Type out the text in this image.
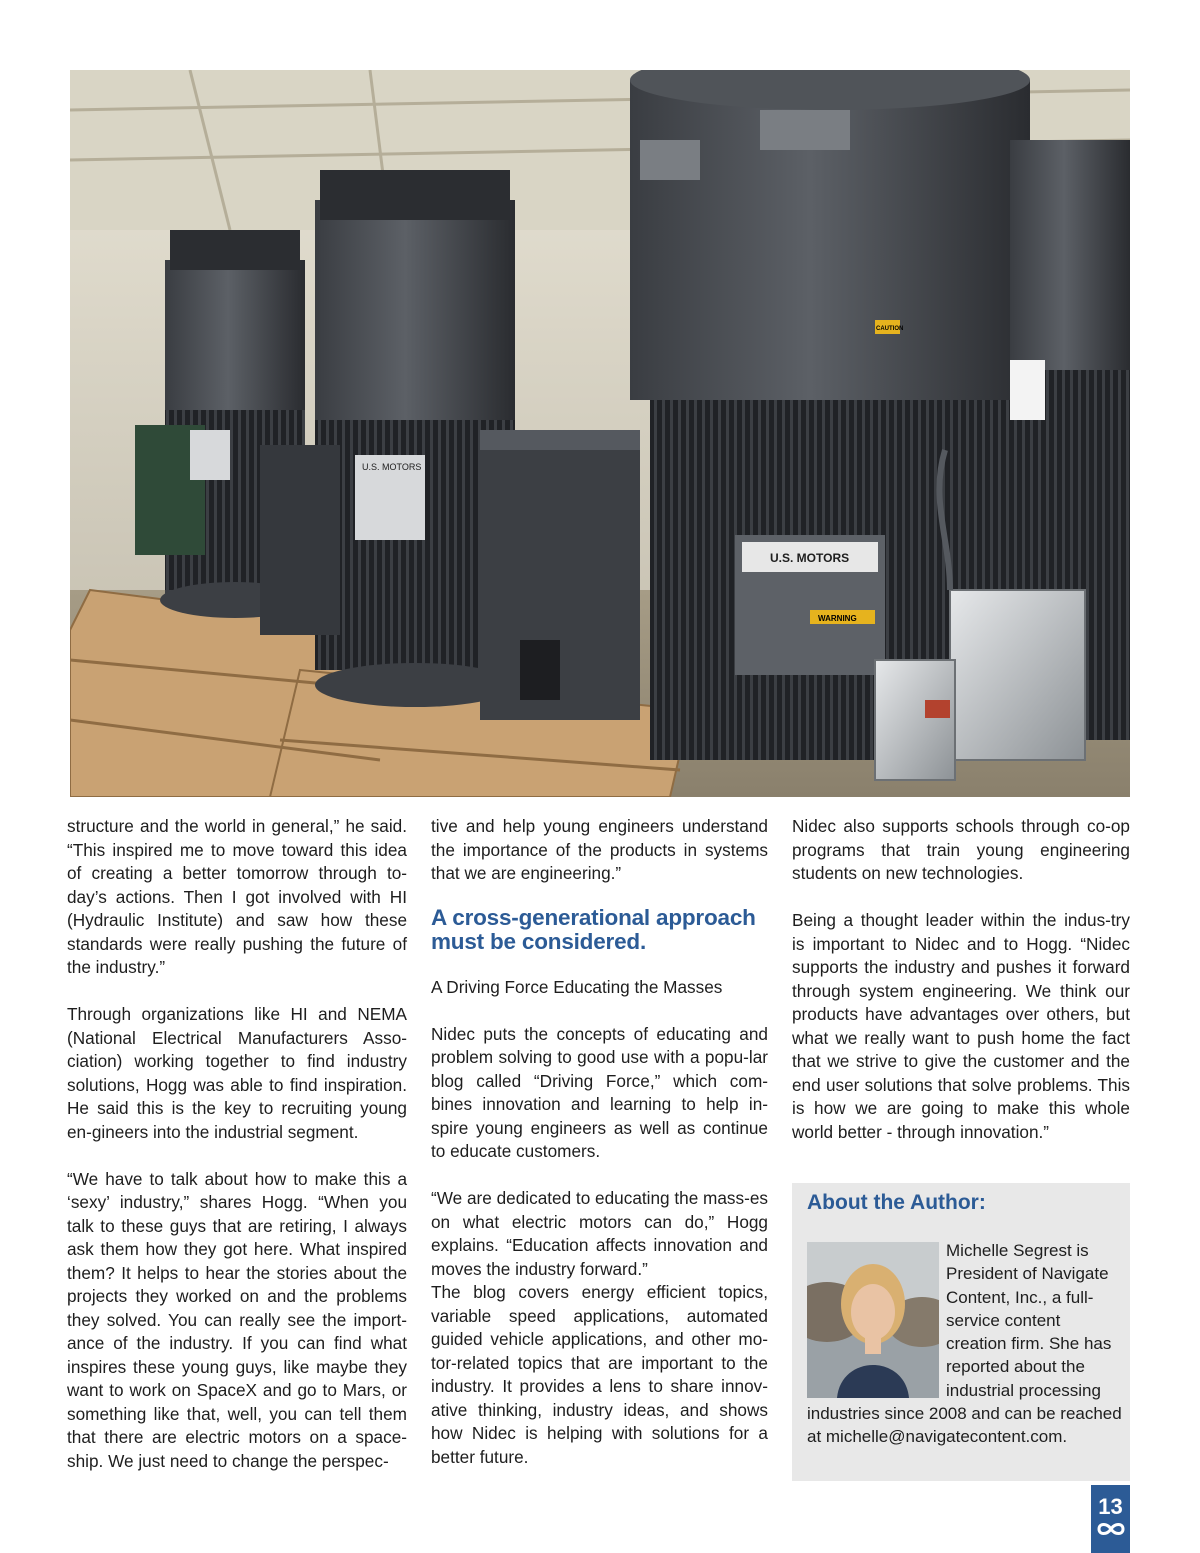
U.S. MOTORS
U.S. MOTORS
WARNING
CAUTION

structure and the world in general,” he said. “This inspired me to move toward this idea of creating a better tomorrow through to-day’s actions. Then I got involved with HI (Hydraulic Institute) and saw how these standards were really pushing the future of the industry.”

Through organizations like HI and NEMA (National Electrical Manufacturers Asso-ciation) working together to find industry solutions, Hogg was able to find inspiration. He said this is the key to recruiting young en-gineers into the industrial segment.

“We have to talk about how to make this a ‘sexy’ industry,” shares Hogg. “When you talk to these guys that are retiring, I always ask them how they got here. What inspired them? It helps to hear the stories about the projects they worked on and the problems they solved. You can really see the import-ance of the industry. If you can find what inspires these young guys, like maybe they want to work on SpaceX and go to Mars, or something like that, well, you can tell them that there are electric motors on a space-ship. We just need to change the perspec-

tive and help young engineers understand the importance of the products in systems that we are engineering.”

A cross-generational approach must be considered.

A Driving Force Educating the Masses

Nidec puts the concepts of educating and problem solving to good use with a popu-lar blog called “Driving Force,” which com-bines innovation and learning to help in-spire young engineers as well as continue to educate customers.

“We are dedicated to educating the mass-es on what electric motors can do,” Hogg explains. “Education affects innovation and moves the industry forward.”

The blog covers energy efficient topics, variable speed applications, automated guided vehicle applications, and other mo-tor-related topics that are important to the industry. It provides a lens to share innov-ative thinking, industry ideas, and shows how Nidec is helping with solutions for a better future.

Nidec also supports schools through co-op programs that train young engineering students on new technologies.

Being a thought leader within the indus-try is important to Nidec and to Hogg. “Nidec supports the industry and pushes it forward through system engineering. We think our products have advantages over others, but what we really want to push home the fact that we strive to give the customer and the end user solutions that solve problems. This is how we are going to make this whole world better - through innovation.”

About the Author:
Michelle Segrest is President of Navigate Content, Inc., a full-service content creation firm. She has reported about the industrial processing industries since 2008 and can be reached at michelle@navigatecontent.com.
13
